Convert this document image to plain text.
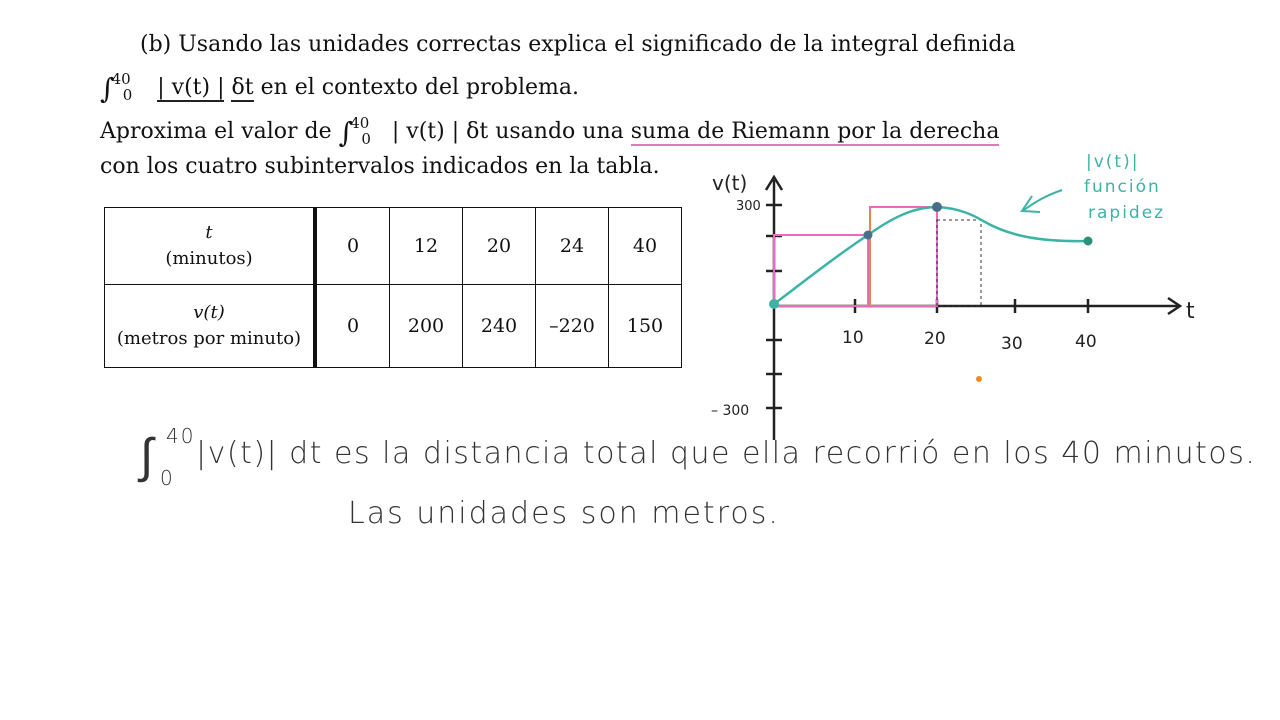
(b) Usando las unidades correctas explica el significado de la integral definida
∫$^{40}_0$ | v(t) | δt en el contexto del problema.
Aproxima el valor de ∫$^{40}_0$ | v(t) | δt usando una suma de Riemann por la derecha
con los cuatro subintervalos indicados en la tabla.
t
(minutos)	0	12	20	24	40
v(t)
(metros por minuto)	0	200	240	–220	150
v(t)
t
300
– 300
10	20	30	40
|v(t)|
función
rapidez
∫ 40
0
|v(t)| dt es la distancia total que ella recorrió en los 40 minutos.
Las unidades son metros.
